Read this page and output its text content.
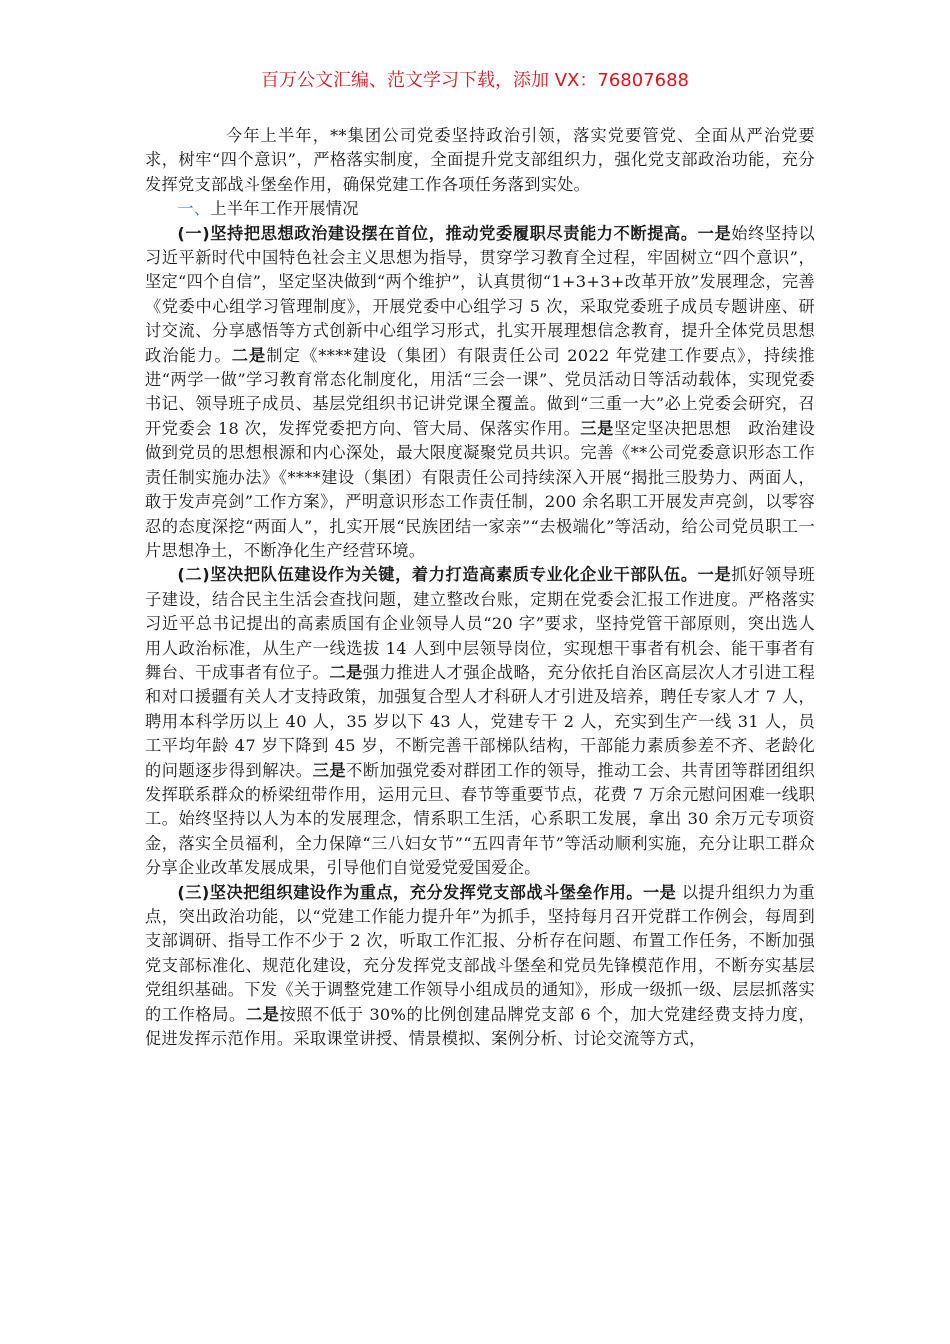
百万公文汇编、范文学习下载，添加 VX：76807688

今年上半年，**集团公司党委坚持政治引领，落实党要管党、全面从严治党要求，树牢“四个意识”，严格落实制度，全面提升党支部组织力，强化党支部政治功能，充分发挥党支部战斗堡垒作用，确保党建工作各项任务落到实处。

一、上半年工作开展情况

(一)坚持把思想政治建设摆在首位，推动党委履职尽责能力不断提高。一是始终坚持以习近平新时代中国特色社会主义思想为指导，贯穿学习教育全过程，牢固树立“四个意识”，坚定“四个自信”，坚定坚决做到“两个维护”，认真贯彻“1+3+3+改革开放”发展理念，完善《党委中心组学习管理制度》，开展党委中心组学习 5 次，采取党委班子成员专题讲座、研讨交流、分享感悟等方式创新中心组学习形式，扎实开展理想信念教育，提升全体党员思想政治能力。二是制定《****建设（集团）有限责任公司 2022 年党建工作要点》，持续推进“两学一做”学习教育常态化制度化，用活“三会一课”、党员活动日等活动载体，实现党委书记、领导班子成员、基层党组织书记讲党课全覆盖。做到“三重一大”必上党委会研究，召开党委会 18 次，发挥党委把方向、管大局、保落实作用。三是坚定坚决把思想　政治建设做到党员的思想根源和内心深处，最大限度凝聚党员共识。完善《**公司党委意识形态工作责任制实施办法》《****建设（集团）有限责任公司持续深入开展“揭批三股势力、两面人，敢于发声亮剑”工作方案》，严明意识形态工作责任制，200 余名职工开展发声亮剑，以零容忍的态度深挖“两面人”，扎实开展“民族团结一家亲”“去极端化”等活动，给公司党员职工一片思想净土，不断净化生产经营环境。

(二)坚决把队伍建设作为关键，着力打造高素质专业化企业干部队伍。一是抓好领导班子建设，结合民主生活会查找问题，建立整改台账，定期在党委会汇报工作进度。严格落实习近平总书记提出的高素质国有企业领导人员“20 字”要求，坚持党管干部原则，突出选人用人政治标准，从生产一线选拔 14 人到中层领导岗位，实现想干事者有机会、能干事者有舞台、干成事者有位子。二是强力推进人才强企战略，充分依托自治区高层次人才引进工程和对口援疆有关人才支持政策，加强复合型人才科研人才引进及培养，聘任专家人才 7 人，聘用本科学历以上 40 人，35 岁以下 43 人，党建专干 2 人，充实到生产一线 31 人，员工平均年龄 47 岁下降到 45 岁，不断完善干部梯队结构，干部能力素质参差不齐、老龄化的问题逐步得到解决。三是不断加强党委对群团工作的领导，推动工会、共青团等群团组织发挥联系群众的桥梁纽带作用，运用元旦、春节等重要节点，花费 7 万余元慰问困难一线职工。始终坚持以人为本的发展理念，情系职工生活，心系职工发展，拿出 30 余万元专项资金，落实全员福利，全力保障“三八妇女节”“五四青年节”等活动顺利实施，充分让职工群众分享企业改革发展成果，引导他们自觉爱党爱国爱企。

(三)坚决把组织建设作为重点，充分发挥党支部战斗堡垒作用。一是 以提升组织力为重点，突出政治功能，以“党建工作能力提升年”为抓手，坚持每月召开党群工作例会，每周到支部调研、指导工作不少于 2 次，听取工作汇报、分析存在问题、布置工作任务，不断加强党支部标准化、规范化建设，充分发挥党支部战斗堡垒和党员先锋模范作用，不断夯实基层党组织基础。下发《关于调整党建工作领导小组成员的通知》，形成一级抓一级、层层抓落实的工作格局。二是按照不低于 30%的比例创建品牌党支部 6 个，加大党建经费支持力度，促进发挥示范作用。采取课堂讲授、情景模拟、案例分析、讨论交流等方式，
